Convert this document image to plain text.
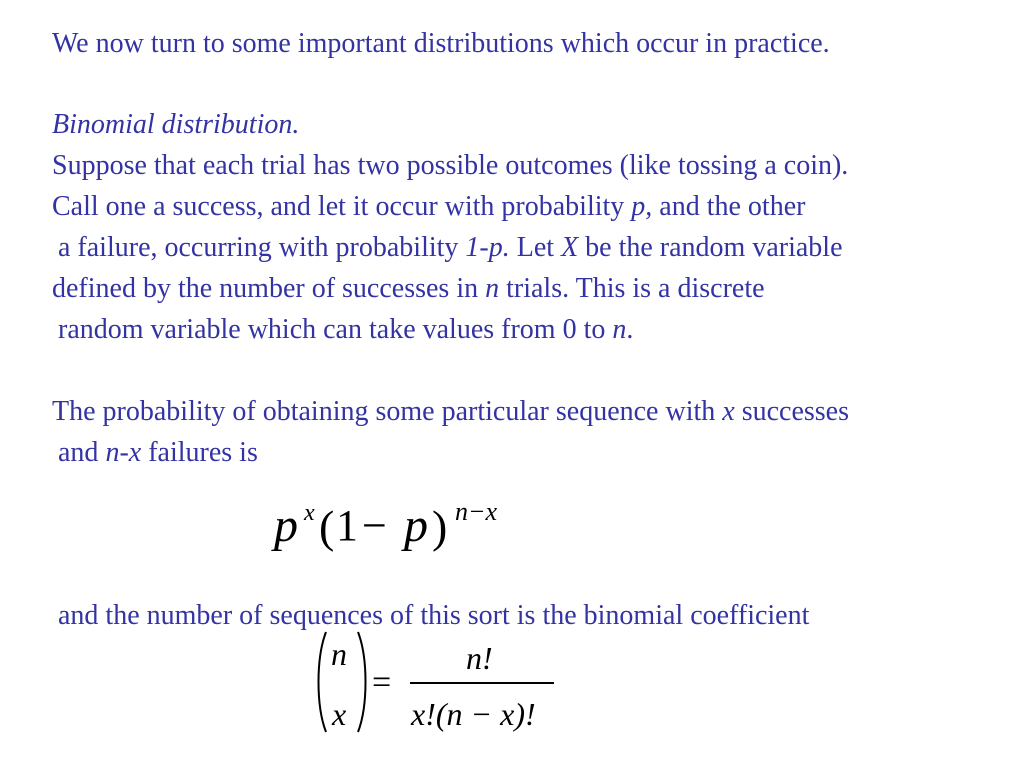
We now turn to some important distributions which occur in practice.
Binomial distribution.
Suppose that each trial has two possible outcomes (like tossing a coin).
Call one a success, and let it occur with probability p, and the other
a failure, occurring with probability 1-p. Let X be the random variable
defined by the number of successes in n trials. This is a discrete
random variable which can take values from 0 to n.
The probability of obtaining some particular sequence with x successes
and n-x failures is
p x ( 1 − p ) n−x
and the number of sequences of this sort is the binomial coefficient
n
x
=
n!
x!(n − x)!
